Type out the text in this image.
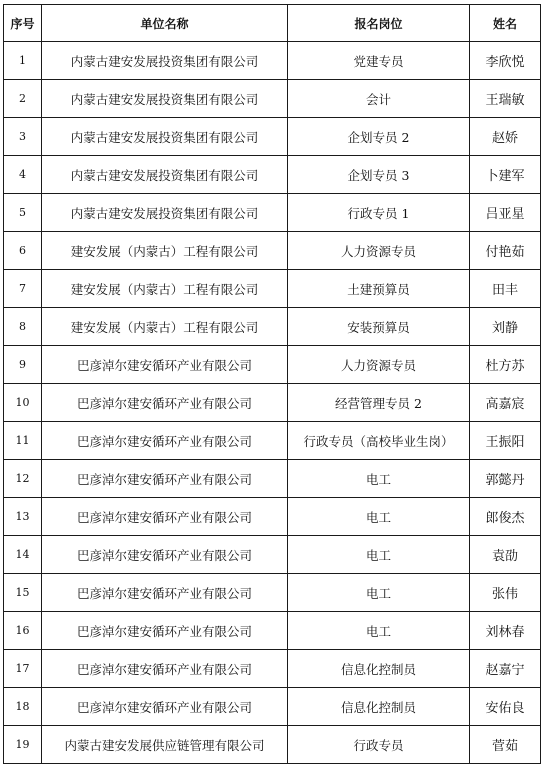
序号	单位名称	报名岗位	姓名
1	内蒙古建安发展投资集团有限公司	党建专员	李欣悦
2	内蒙古建安发展投资集团有限公司	会计	王瑞敏
3	内蒙古建安发展投资集团有限公司	企划专员 2	赵娇
4	内蒙古建安发展投资集团有限公司	企划专员 3	卜建军
5	内蒙古建安发展投资集团有限公司	行政专员 1	吕亚星
6	建安发展（内蒙古）工程有限公司	人力资源专员	付艳茹
7	建安发展（内蒙古）工程有限公司	土建预算员	田丰
8	建安发展（内蒙古）工程有限公司	安装预算员	刘静
9	巴彦淖尔建安循环产业有限公司	人力资源专员	杜方苏
10	巴彦淖尔建安循环产业有限公司	经营管理专员 2	高嘉宸
11	巴彦淖尔建安循环产业有限公司	行政专员（高校毕业生岗）	王振阳
12	巴彦淖尔建安循环产业有限公司	电工	郭懿丹
13	巴彦淖尔建安循环产业有限公司	电工	郎俊杰
14	巴彦淖尔建安循环产业有限公司	电工	袁劭
15	巴彦淖尔建安循环产业有限公司	电工	张伟
16	巴彦淖尔建安循环产业有限公司	电工	刘林春
17	巴彦淖尔建安循环产业有限公司	信息化控制员	赵嘉宁
18	巴彦淖尔建安循环产业有限公司	信息化控制员	安佑良
19	内蒙古建安发展供应链管理有限公司	行政专员	菅茹
